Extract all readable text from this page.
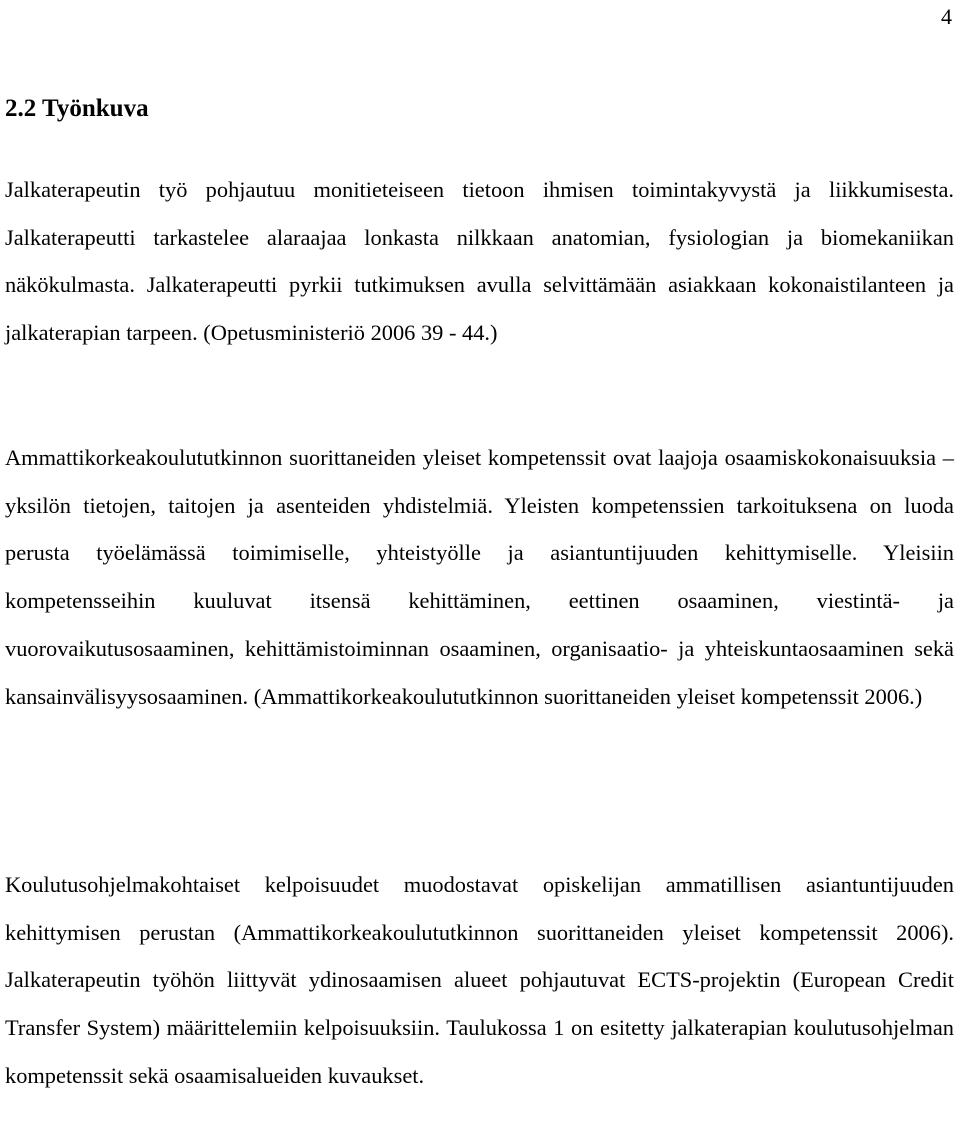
4
2.2 Työnkuva

Jalkaterapeutin työ pohjautuu monitieteiseen tietoon ihmisen toimintakyvystä ja liikkumisesta. Jalkaterapeutti tarkastelee alaraajaa lonkasta nilkkaan anatomian, fysiologian ja biomekaniikan näkökulmasta. Jalkaterapeutti pyrkii tutkimuksen avulla selvittämään asiakkaan kokonaistilanteen ja jalkaterapian tarpeen. (Opetusministeriö 2006 39 - 44.)

Ammattikorkeakoulututkinnon suorittaneiden yleiset kompetenssit ovat laajoja osaamiskokonaisuuksia – yksilön tietojen, taitojen ja asenteiden yhdistelmiä. Yleisten kompetenssien tarkoituksena on luoda perusta työelämässä toimimiselle, yhteistyölle ja asiantuntijuuden kehittymiselle. Yleisiin kompetensseihin kuuluvat itsensä kehittäminen, eettinen osaaminen, viestintä- ja vuorovaikutusosaaminen, kehittämistoiminnan osaaminen, organisaatio- ja yhteiskuntaosaaminen sekä kansainvälisyysosaaminen. (Ammattikorkeakoulututkinnon suorittaneiden yleiset kompetenssit 2006.)

Koulutusohjelmakohtaiset kelpoisuudet muodostavat opiskelijan ammatillisen asiantuntijuuden kehittymisen perustan (Ammattikorkeakoulututkinnon suorittaneiden yleiset kompetenssit 2006). Jalkaterapeutin työhön liittyvät ydinosaamisen alueet pohjautuvat ECTS-projektin (European Credit Transfer System) määrittelemiin kelpoisuuksiin. Taulukossa 1 on esitetty jalkaterapian koulutusohjelman kompetenssit sekä osaamisalueiden kuvaukset.
